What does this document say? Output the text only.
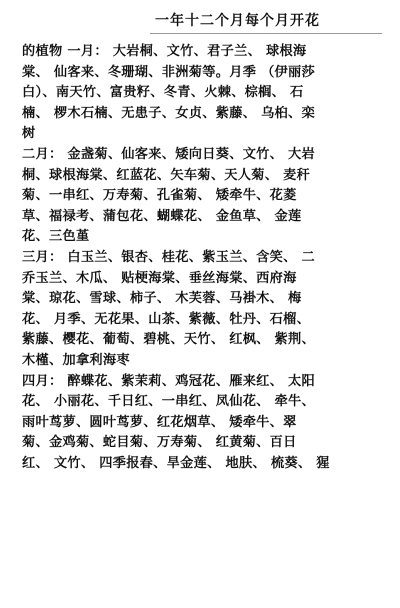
一年十二个月每个月开花
的植物 一月： 大岩桐、文竹、君子兰、 球根海
棠、 仙客来、冬珊瑚、非洲菊等。月季 （伊丽莎
白）、南天竹、富贵籽、冬青、火棘、棕榈、 石
楠、 椤木石楠、无患子、女贞、紫藤、 乌桕、栾
树
二月： 金盏菊、仙客来、矮向日葵、文竹、 大岩
桐、球根海棠、红蓝花、矢车菊、天人菊、 麦秆
菊、一串红、万寿菊、孔雀菊、 矮牵牛、花菱
草、福禄考、蒲包花、蝴蝶花、 金鱼草、 金莲
花、三色堇
三月： 白玉兰、银杏、桂花、紫玉兰、含笑、 二
乔玉兰、木瓜、 贴梗海棠、垂丝海棠、西府海
棠、琼花、雪球、柿子、 木芙蓉、马褂木、 梅
花、 月季、无花果、山茶、紫薇、牡丹、石榴、
紫藤、樱花、葡萄、碧桃、天竹、 红枫、 紫荆、
木槿、加拿利海枣
四月： 醉蝶花、紫茉莉、鸡冠花、雁来红、 太阳
花、 小丽花、千日红、一串红、凤仙花、 牵牛、
雨叶茑萝、圆叶茑萝、红花烟草、 矮牵牛、翠
菊、金鸡菊、蛇目菊、万寿菊、 红黄菊、百日
红、 文竹、 四季报春、旱金莲、 地肤、 梳葵、 猩
